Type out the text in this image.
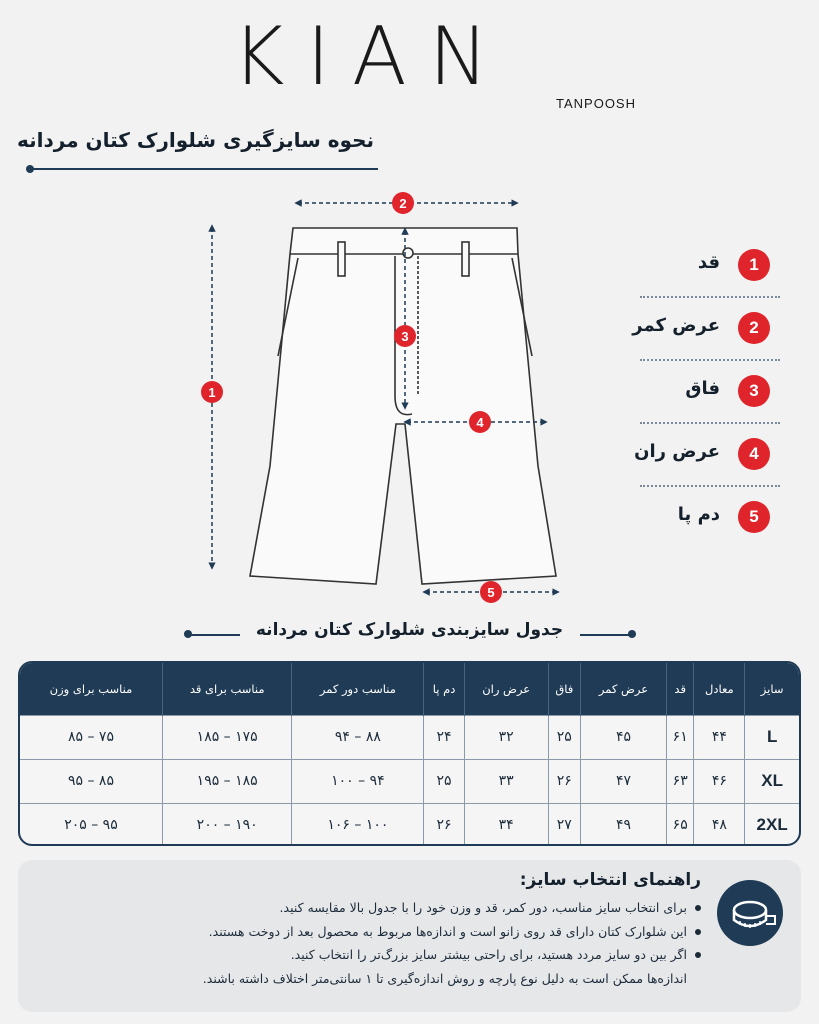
KIAN
TANPOOSH
نحوه سایزگیری شلوارک کتان مردانه
2
1
3
4
5
1
قد
2
عرض کمر
3
فاق
4
عرض ران
5
دم پا
جدول سایزبندی شلوارک کتان مردانه
سایز	معادل	قد	عرض کمر	فاق	عرض ران	دم پا	مناسب دور کمر	مناسب برای قد	مناسب برای وزن
L	۴۴	۶۱	۴۵	۲۵	۳۲	۲۴	۸۸ – ۹۴	۱۷۵ – ۱۸۵	۷۵ – ۸۵
XL	۴۶	۶۳	۴۷	۲۶	۳۳	۲۵	۹۴ – ۱۰۰	۱۸۵ – ۱۹۵	۸۵ – ۹۵
2XL	۴۸	۶۵	۴۹	۲۷	۳۴	۲۶	۱۰۰ – ۱۰۶	۱۹۰ – ۲۰۰	۹۵ – ۲۰۵
راهنمای انتخاب سایز:
برای انتخاب سایز مناسب، دور کمر، قد و وزن خود را با جدول بالا مقایسه کنید.
این شلوارک کتان دارای قد روی زانو است و اندازه‌ها مربوط به محصول بعد از دوخت هستند.
اگر بین دو سایز مردد هستید، برای راحتی بیشتر سایز بزرگ‌تر را انتخاب کنید.
اندازه‌ها ممکن است به دلیل نوع پارچه و روش اندازه‌گیری تا ۱ سانتی‌متر اختلاف داشته باشند.
